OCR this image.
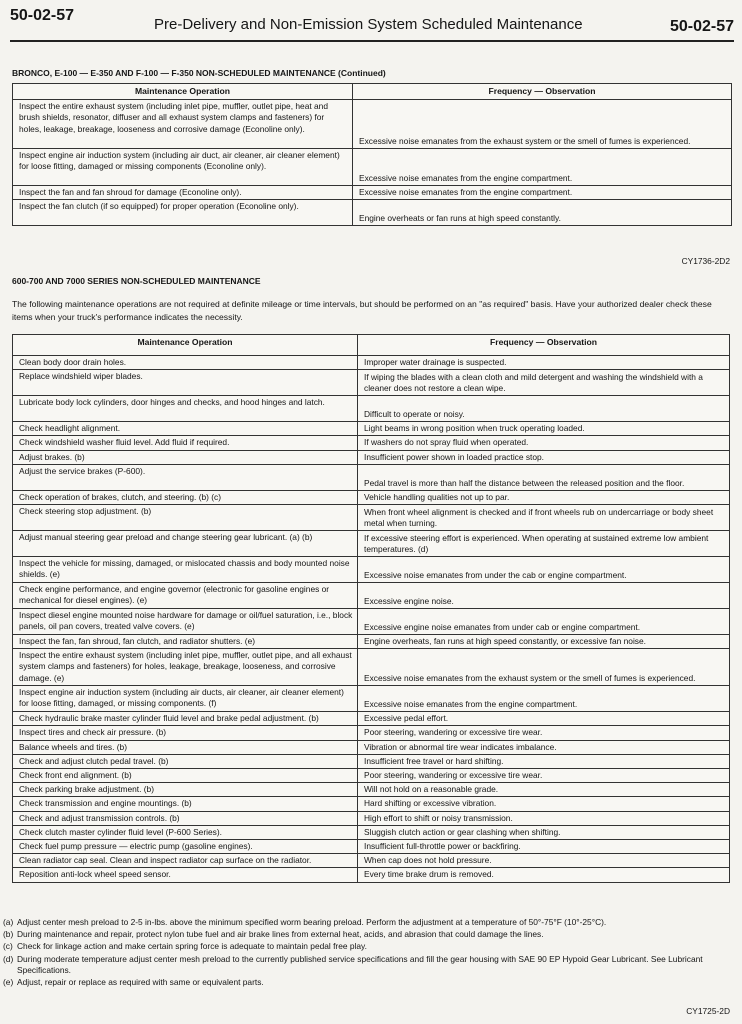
50-02-57
Pre-Delivery and Non-Emission System Scheduled Maintenance	50-02-57
BRONCO, E-100 — E-350 AND F-100 — F-350 NON-SCHEDULED MAINTENANCE (Continued)
Maintenance Operation	Frequency — Observation
Inspect the entire exhaust system (including inlet pipe, muffler, outlet pipe, heat and brush shields, resonator, diffuser and all exhaust system clamps and fasteners) for holes, leakage, breakage, looseness and corrosive damage (Econoline only).	Excessive noise emanates from the exhaust system or the smell of fumes is experienced.
Inspect engine air induction system (including air duct, air cleaner, air cleaner element) for loose fitting, damaged or missing components (Econoline only).	Excessive noise emanates from the engine compartment.
Inspect the fan and fan shroud for damage (Econoline only).	Excessive noise emanates from the engine compartment.
Inspect the fan clutch (if so equipped) for proper operation (Econoline only).	Engine overheats or fan runs at high speed constantly.
CY1736-2D2
600-700 AND 7000 SERIES NON-SCHEDULED MAINTENANCE
The following maintenance operations are not required at definite mileage or time intervals, but should be performed on an "as required" basis. Have your authorized dealer check these items when your truck's performance indicates the necessity.
Maintenance Operation	Frequency — Observation
Clean body door drain holes.	Improper water drainage is suspected.
Replace windshield wiper blades.	If wiping the blades with a clean cloth and mild detergent and washing the windshield with a cleaner does not restore a clean wipe.
Lubricate body lock cylinders, door hinges and checks, and hood hinges and latch.	Difficult to operate or noisy.
Check headlight alignment.	Light beams in wrong position when truck operating loaded.
Check windshield washer fluid level. Add fluid if required.	If washers do not spray fluid when operated.
Adjust brakes. (b)	Insufficient power shown in loaded practice stop.
Adjust the service brakes (P-600).	Pedal travel is more than half the distance between the released position and the floor.
Check operation of brakes, clutch, and steering. (b) (c)	Vehicle handling qualities not up to par.
Check steering stop adjustment. (b)	When front wheel alignment is checked and if front wheels rub on undercarriage or body sheet metal when turning.
Adjust manual steering gear preload and change steering gear lubricant. (a) (b)	If excessive steering effort is experienced. When operating at sustained extreme low ambient temperatures. (d)
Inspect the vehicle for missing, damaged, or mislocated chassis and body mounted noise shields. (e)	Excessive noise emanates from under the cab or engine compartment.
Check engine performance, and engine governor (electronic for gasoline engines or mechanical for diesel engines). (e)	Excessive engine noise.
Inspect diesel engine mounted noise hardware for damage or oil/fuel saturation, i.e., block panels, oil pan covers, treated valve covers. (e)	Excessive engine noise emanates from under cab or engine compartment.
Inspect the fan, fan shroud, fan clutch, and radiator shutters. (e)	Engine overheats, fan runs at high speed constantly, or excessive fan noise.
Inspect the entire exhaust system (including inlet pipe, muffler, outlet pipe, and all exhaust system clamps and fasteners) for holes, leakage, breakage, looseness, and corrosive damage. (e)	Excessive noise emanates from the exhaust system or the smell of fumes is experienced.
Inspect engine air induction system (including air ducts, air cleaner, air cleaner element) for loose fitting, damaged, or missing components. (f)	Excessive noise emanates from the engine compartment.
Check hydraulic brake master cylinder fluid level and brake pedal adjustment. (b)	Excessive pedal effort.
Inspect tires and check air pressure. (b)	Poor steering, wandering or excessive tire wear.
Balance wheels and tires. (b)	Vibration or abnormal tire wear indicates imbalance.
Check and adjust clutch pedal travel. (b)	Insufficient free travel or hard shifting.
Check front end alignment. (b)	Poor steering, wandering or excessive tire wear.
Check parking brake adjustment. (b)	Will not hold on a reasonable grade.
Check transmission and engine mountings. (b)	Hard shifting or excessive vibration.
Check and adjust transmission controls. (b)	High effort to shift or noisy transmission.
Check clutch master cylinder fluid level (P-600 Series).	Sluggish clutch action or gear clashing when shifting.
Check fuel pump pressure — electric pump (gasoline engines).	Insufficient full-throttle power or backfiring.
Clean radiator cap seal. Clean and inspect radiator cap surface on the radiator.	When cap does not hold pressure.
Reposition anti-lock wheel speed sensor.	Every time brake drum is removed.
(a) Adjust center mesh preload to 2-5 in-lbs. above the minimum specified worm bearing preload. Perform the adjustment at a temperature of 50°-75°F (10°-25°C).
(b) During maintenance and repair, protect nylon tube fuel and air brake lines from external heat, acids, and abrasion that could damage the lines.
(c) Check for linkage action and make certain spring force is adequate to maintain pedal free play.
(d) During moderate temperature adjust center mesh preload to the currently published service specifications and fill the gear housing with SAE 90 EP Hypoid Gear Lubricant. See Lubricant Specifications.
(e) Adjust, repair or replace as required with same or equivalent parts.
CY1725-2D
